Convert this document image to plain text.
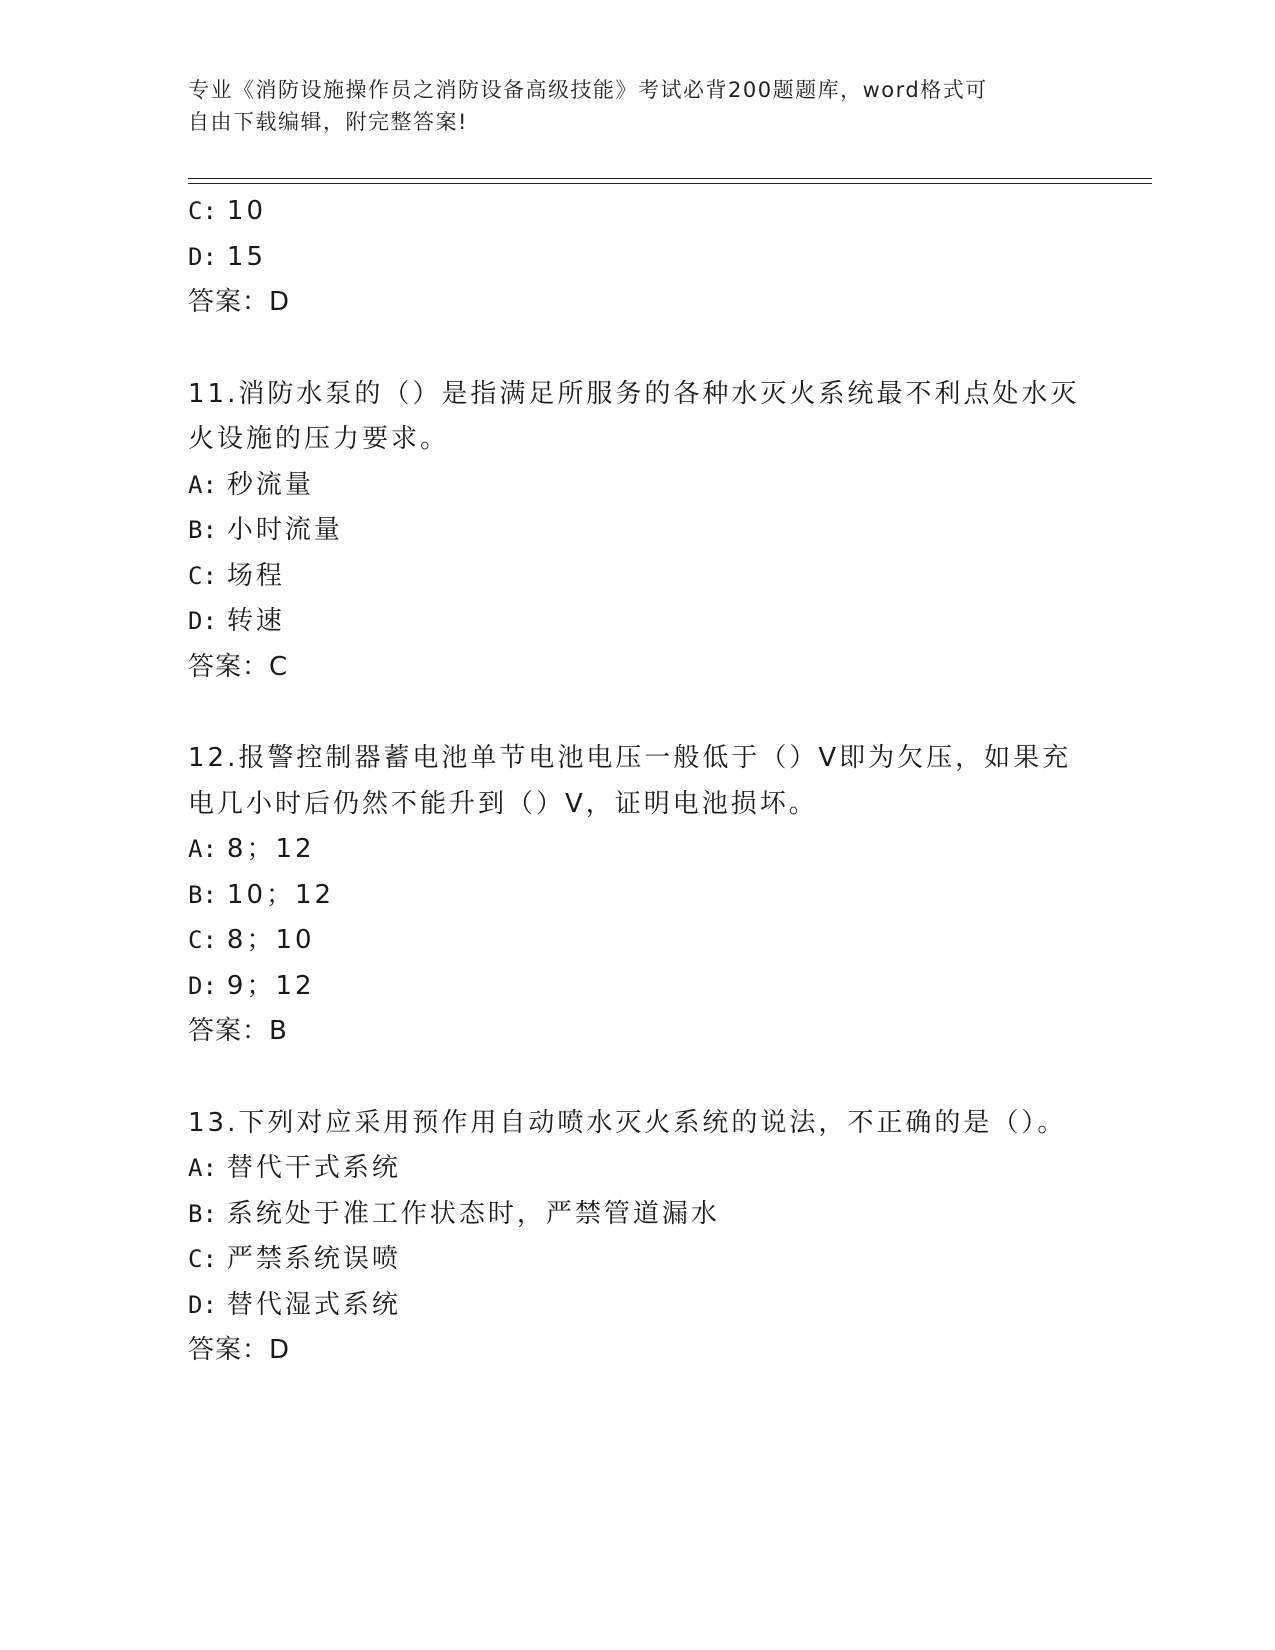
专业《消防设施操作员之消防设备高级技能》考试必背200题题库，word格式可
自由下载编辑，附完整答案!
C: 10
D: 15
答案：D
11.消防水泵的（）是指满足所服务的各种水灭火系统最不利点处水灭
火设施的压力要求。
A: 秒流量
B: 小时流量
C: 场程
D: 转速
答案：C
12.报警控制器蓄电池单节电池电压一般低于（）V即为欠压，如果充
电几小时后仍然不能升到（）V，证明电池损坏。
A: 8；12
B: 10；12
C: 8；10
D: 9；12
答案：B
13.下列对应采用预作用自动喷水灭火系统的说法，不正确的是（）。
A: 替代干式系统
B: 系统处于准工作状态时，严禁管道漏水
C: 严禁系统误喷
D: 替代湿式系统
答案：D
